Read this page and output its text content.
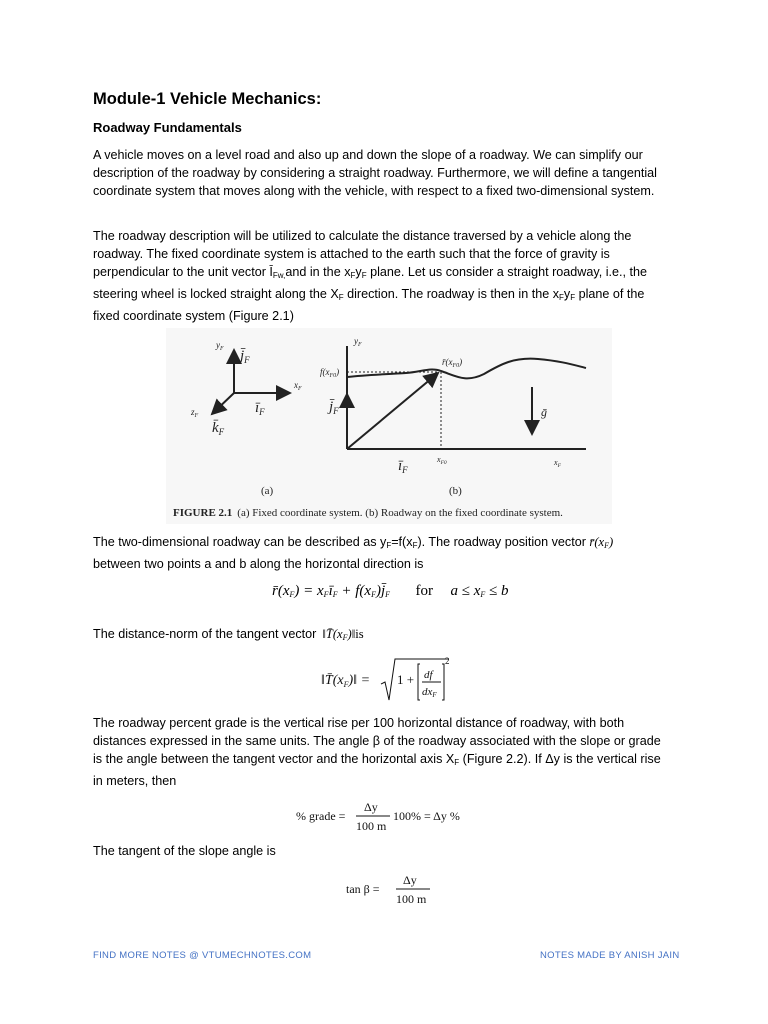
Module-1 Vehicle Mechanics:
Roadway Fundamentals

A vehicle moves on a level road and also up and down the slope of a roadway. We can simplify our description of the roadway by considering a straight roadway. Furthermore, we will define a tangential coordinate system that moves along with the vehicle, with respect to a fixed two-dimensional system.

The roadway description will be utilized to calculate the distance traversed by a vehicle along the roadway. The fixed coordinate system is attached to the earth such that the force of gravity is perpendicular to the unit vector ĪFw,and in the xFyF plane. Let us consider a straight roadway, i.e., the steering wheel is locked straight along the XF direction. The roadway is then in the xFyF plane of the fixed coordinate system (Figure 2.1)

$y_F$ $j̄_F$
$x_F$
$ī_F$
$z_F$
$k̄_F$
(a)
$y_F$
$f(x_{F0})$
$r̄(x_{F0})$
$j̄_F$	ḡ
$ī_F$
$x_{F0}$	$x_F$
(b)
FIGURE 2.1 (a) Fixed coordinate system. (b) Roadway on the fixed coordinate system.

The two-dimensional roadway can be described as yF=f(xF). The roadway position vector r̄(xF)
between two points a and b along the horizontal direction is

r̄(xF) = xFīF + f(xF)j̄F for a ≤ xF ≤ b

The distance-norm of the tangent vector ‖T̄(xF)‖is

$‖T̄(x_F)‖ = 1$ + df
dxF
2

The roadway percent grade is the vertical rise per 100 horizontal distance of roadway, with both distances expressed in the same units. The angle β of the roadway associated with the slope or grade is the angle between the tangent vector and the horizontal axis XF (Figure 2.2). If Δy is the vertical rise in meters, then

% grade =
Δy
100 m
100% = Δy %

The tangent of the slope angle is

tan β =
Δy
100 m
FIND MORE NOTES @ VTUMECHNOTES.COM	NOTES MADE BY ANISH JAIN
